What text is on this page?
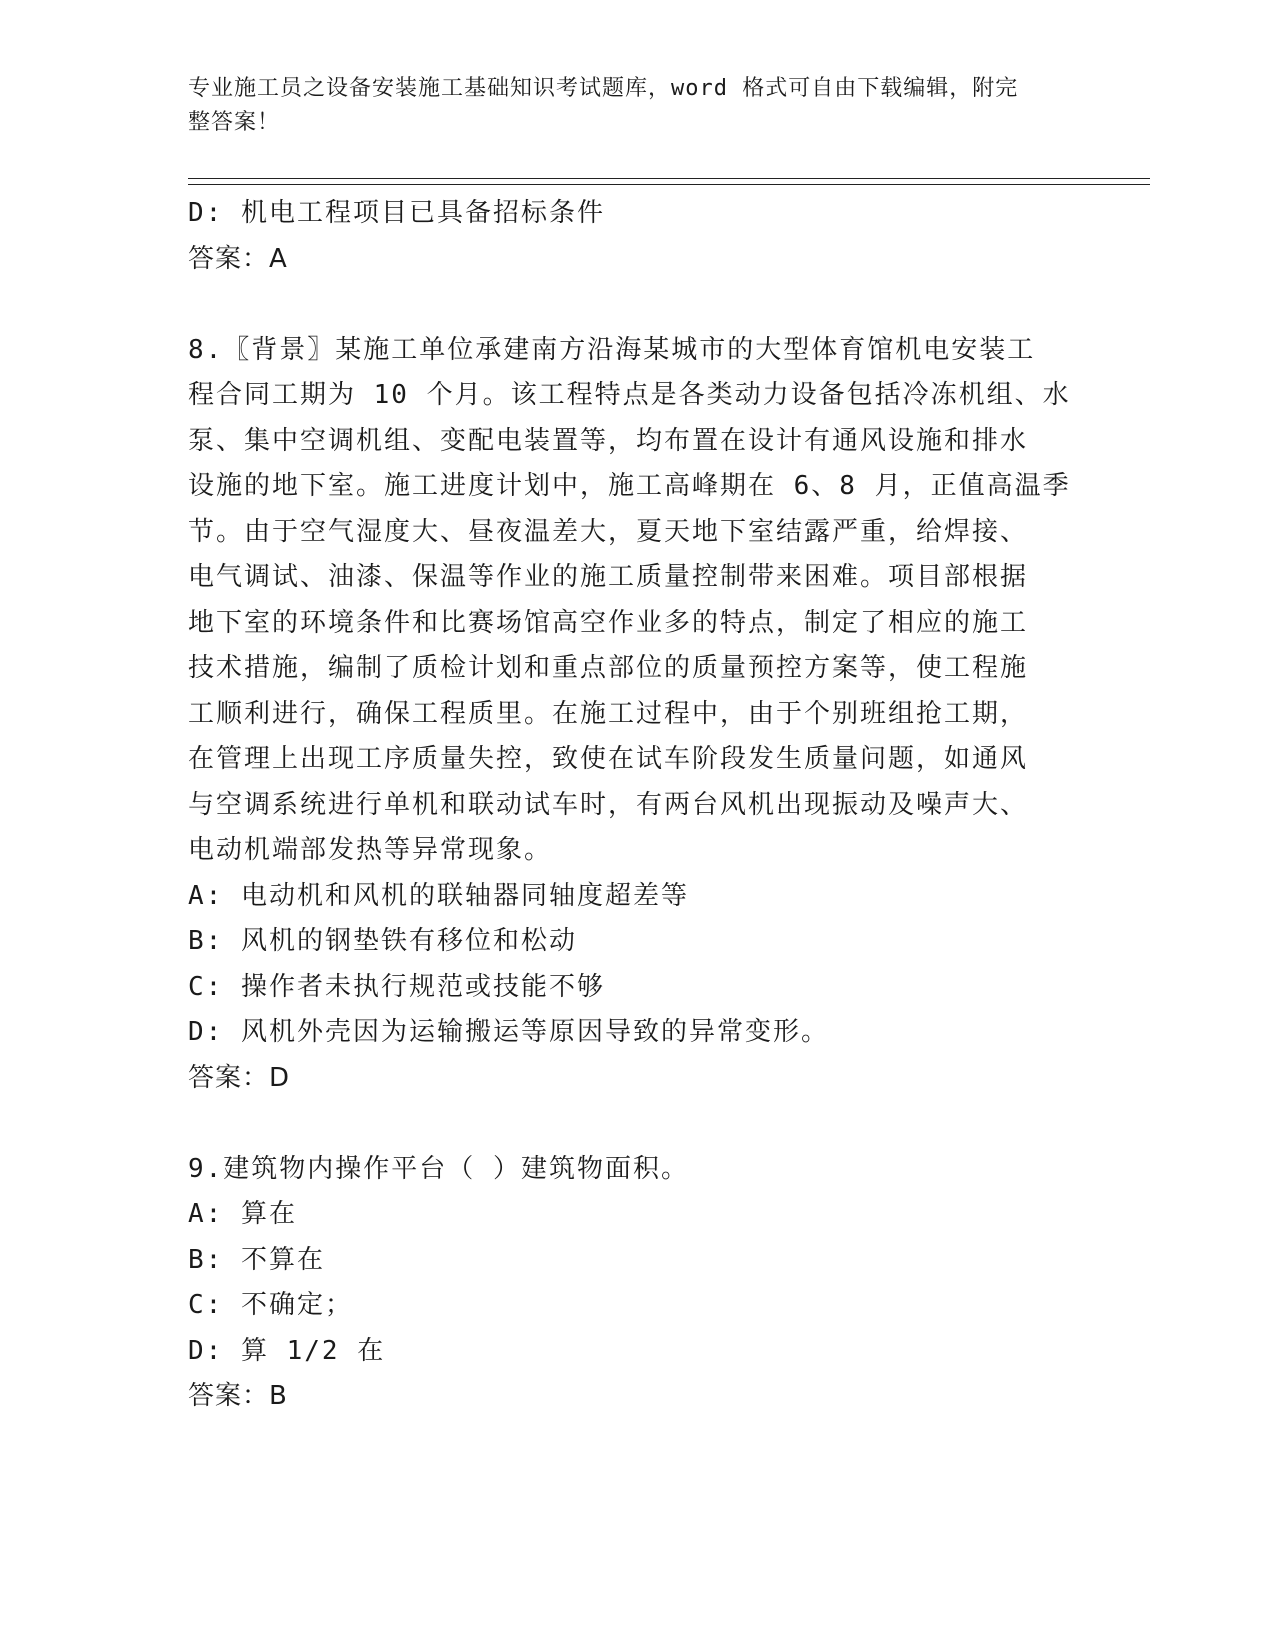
专业施工员之设备安装施工基础知识考试题库，word 格式可自由下载编辑，附完
整答案！
D: 机电工程项目已具备招标条件
答案：A
8.〖背景〗某施工单位承建南方沿海某城市的大型体育馆机电安装工
程合同工期为 10 个月。该工程特点是各类动力设备包括冷冻机组、水
泵、集中空调机组、变配电装置等，均布置在设计有通风设施和排水
设施的地下室。施工进度计划中，施工高峰期在 6、8 月，正值高温季
节。由于空气湿度大、昼夜温差大，夏天地下室结露严重，给焊接、
电气调试、油漆、保温等作业的施工质量控制带来困难。项目部根据
地下室的环境条件和比赛场馆高空作业多的特点，制定了相应的施工
技术措施，编制了质检计划和重点部位的质量预控方案等，使工程施
工顺利进行，确保工程质里。在施工过程中，由于个别班组抢工期，
在管理上出现工序质量失控，致使在试车阶段发生质量问题，如通风
与空调系统进行单机和联动试车时，有两台风机出现振动及噪声大、
电动机端部发热等异常现象。
A: 电动机和风机的联轴器同轴度超差等
B: 风机的钢垫铁有移位和松动
C: 操作者未执行规范或技能不够
D: 风机外壳因为运输搬运等原因导致的异常变形。
答案：D
9.建筑物内操作平台（ ）建筑物面积。
A: 算在
B: 不算在
C: 不确定；
D: 算 1/2 在
答案：B
